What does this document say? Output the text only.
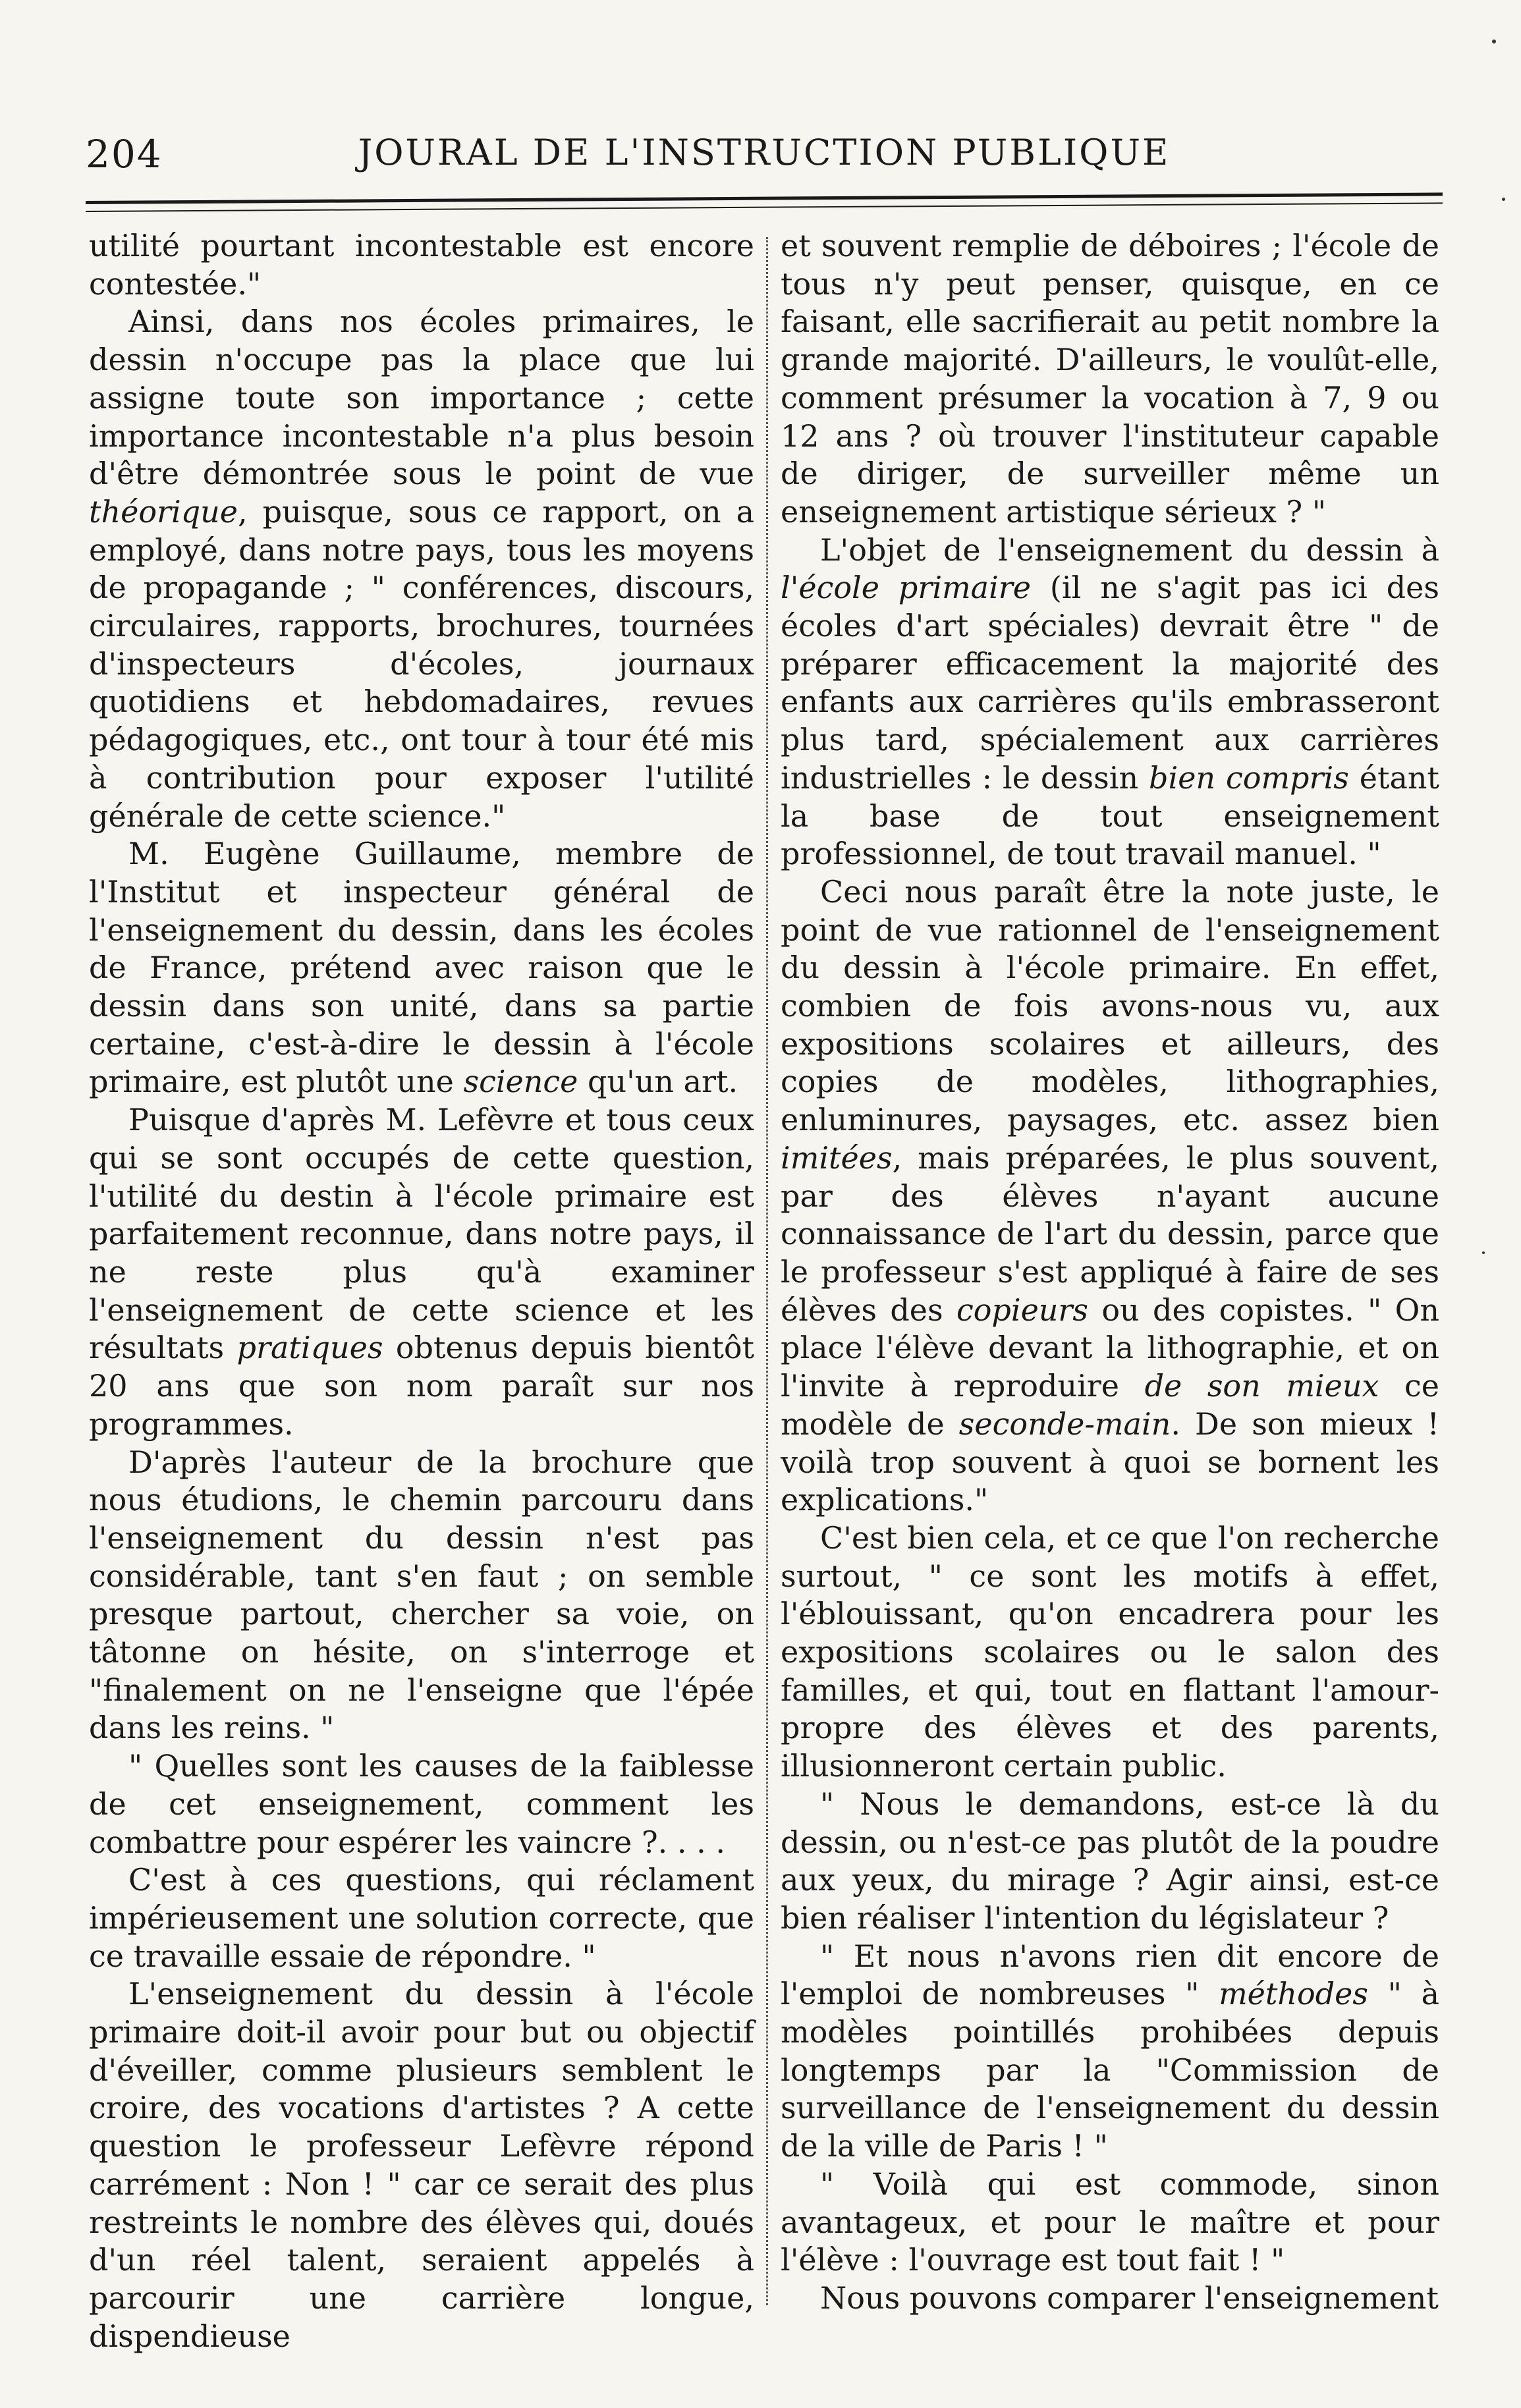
204	JOURAL DE L'INSTRUCTION PUBLIQUE

utilité pourtant incontestable est encore contestée."

Ainsi, dans nos écoles primaires, le dessin n'occupe pas la place que lui assigne toute son importance ; cette importance incontestable n'a plus besoin d'être démontrée sous le point de vue théorique, puisque, sous ce rapport, on a employé, dans notre pays, tous les moyens de propagande ; " conférences, discours, circulaires, rapports, brochures, tournées d'inspecteurs d'écoles, journaux quotidiens et hebdomadaires, revues pédagogiques, etc., ont tour à tour été mis à contribution pour exposer l'utilité générale de cette science."

M. Eugène Guillaume, membre de l'Institut et inspecteur général de l'enseignement du dessin, dans les écoles de France, prétend avec raison que le dessin dans son unité, dans sa partie certaine, c'est-à-dire le dessin à l'école primaire, est plutôt une science qu'un art.

Puisque d'après M. Lefèvre et tous ceux qui se sont occupés de cette question, l'utilité du destin à l'école primaire est parfaitement reconnue, dans notre pays, il ne reste plus qu'à examiner l'enseignement de cette science et les résultats pratiques obtenus depuis bientôt 20 ans que son nom paraît sur nos programmes.

D'après l'auteur de la brochure que nous étudions, le chemin parcouru dans l'enseignement du dessin n'est pas considérable, tant s'en faut ; on semble presque partout, chercher sa voie, on tâtonne on hésite, on s'interroge et "finalement on ne l'enseigne que l'épée dans les reins. "

" Quelles sont les causes de la faiblesse de cet enseignement, comment les combattre pour espérer les vaincre ?. . . .

C'est à ces questions, qui réclament impérieusement une solution correcte, que ce travaille essaie de répondre. "

L'enseignement du dessin à l'école primaire doit-il avoir pour but ou objectif d'éveiller, comme plusieurs semblent le croire, des vocations d'artistes ? A cette question le professeur Lefèvre répond carrément : Non ! " car ce serait des plus restreints le nombre des élèves qui, doués d'un réel talent, seraient appelés à parcourir une carrière longue, dispendieuse

et souvent remplie de déboires ; l'école de tous n'y peut penser, quisque, en ce faisant, elle sacrifierait au petit nombre la grande majorité. D'ailleurs, le voulût-elle, comment présumer la vocation à 7, 9 ou 12 ans ? où trouver l'instituteur capable de diriger, de surveiller même un enseignement artistique sérieux ? "

L'objet de l'enseignement du dessin à l'école primaire (il ne s'agit pas ici des écoles d'art spéciales) devrait être " de préparer efficacement la majorité des enfants aux carrières qu'ils embrasseront plus tard, spécialement aux carrières industrielles : le dessin bien compris étant la base de tout enseignement professionnel, de tout travail manuel. "

Ceci nous paraît être la note juste, le point de vue rationnel de l'enseignement du dessin à l'école primaire. En effet, combien de fois avons-nous vu, aux expositions scolaires et ailleurs, des copies de modèles, lithographies, enluminures, paysages, etc. assez bien imitées, mais préparées, le plus souvent, par des élèves n'ayant aucune connaissance de l'art du dessin, parce que le professeur s'est appliqué à faire de ses élèves des copieurs ou des copistes. " On place l'élève devant la lithographie, et on l'invite à reproduire de son mieux ce modèle de seconde-main. De son mieux ! voilà trop souvent à quoi se bornent les explications."

C'est bien cela, et ce que l'on recherche surtout, " ce sont les motifs à effet, l'éblouissant, qu'on encadrera pour les expositions scolaires ou le salon des familles, et qui, tout en flattant l'amour-propre des élèves et des parents, illusionneront certain public.

" Nous le demandons, est-ce là du dessin, ou n'est-ce pas plutôt de la poudre aux yeux, du mirage ? Agir ainsi, est-ce bien réaliser l'intention du législateur ?

" Et nous n'avons rien dit encore de l'emploi de nombreuses " méthodes " à modèles pointillés prohibées depuis longtemps par la "Commission de surveillance de l'enseignement du dessin de la ville de Paris ! "

" Voilà qui est commode, sinon avantageux, et pour le maître et pour l'élève : l'ouvrage est tout fait ! "

Nous pouvons comparer l'enseignement
